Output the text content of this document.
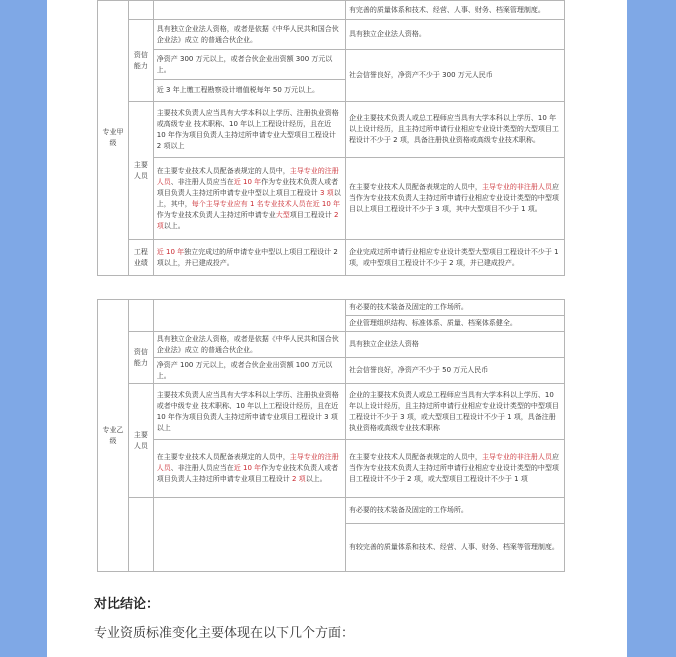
专业甲级			有完善的质量体系和技术、经营、人事、财务、档案管理制度。
	资信能力	具有独立企业法人资格，或者是依据《中华人民共和国合伙企业法》成立 的普通合伙企业。	具有独立企业法人资格。
		净资产 300 万元以上，或者合伙企业出资额 300 万元以上。	社会信誉良好，净资产不少于 300 万元人民币
		近 3 年上缴工程勘察设计增值税每年 50 万元以上。	
	主要人员	主要技术负责人应当具有大学本科以上学历、注册执业资格或高级专业 技术职称、10 年以上工程设计经历，且在近 10 年作为项目负责人主持过所申请专业大型项目工程设计 2 项以上	企业主要技术负责人或总工程师应当具有大学本科以上学历、10 年以上设计经历，且主持过所申请行业相应专业设计类型的大型项目工程设计不少于 2 项，具备注册执业资格或高级专业技术职称。
		在主要专业技术人员配备表规定的人员中，主导专业的注册人员、非注册人员应当在近 10 年作为专业技术负责人或者项目负责人主持过所申请专业中型以上项目工程设计 3 项以上，其中，每个主导专业应有 1 名专业技术人员在近 10 年作为专业技术负责人主持过所申请专业大型项目工程设计 2 项以上。	在主要专业技术人员配备表规定的人员中，主导专业的非注册人员应当作为专业技术负责人主持过所申请行业相应专业设计类型的中型项目以上项目工程设计不少于 3 项，其中大型项目不少于 1 项。
	工程业绩	近 10 年独立完成过的所申请专业中型以上项目工程设计 2 项以上，并已建成投产。	企业完成过所申请行业相应专业设计类型大型项目工程设计不少于 1 项，或中型项目工程设计不少于 2 项，并已建成投产。
专业乙级			有必要的技术装备及固定的工作场所。
			企业管理组织结构、标准体系、质量、档案体系健全。
	资信能力	具有独立企业法人资格，或者是依据《中华人民共和国合伙企业法》成立 的普通合伙企业。	具有独立企业法人资格
		净资产 100 万元以上，或者合伙企业出资额 100 万元以上。	社会信誉良好，净资产不少于 50 万元人民币
	主要人员	主要技术负责人应当具有大学本科以上学历、注册执业资格或者中级专业 技术职称、10 年以上工程设计经历，且在近 10 年作为项目负责人主持过所申请专业项目工程设计 3 项以上	企业的主要技术负责人或总工程师应当具有大学本科以上学历、10 年以上设计经历，且主持过所申请行业相应专业设计类型的中型项目工程设计不少于 3 项，或大型项目工程设计不少于 1 项，具备注册执业资格或高级专业技术职称
		在主要专业技术人员配备表规定的人员中，主导专业的注册人员、非注册人员应当在近 10 年作为专业技术负责人或者项目负责人主持过所申请专业项目工程设计 2 项以上。	在主要专业技术人员配备表规定的人员中，主导专业的非注册人员应当作为专业技术负责人主持过所申请行业相应专业设计类型的中型项目工程设计不少于 2 项，或大型项目工程设计不少于 1 项
			有必要的技术装备及固定的工作场所。
			有较完善的质量体系和技术、经营、人事、财务、档案等管理制度。

对比结论：

专业资质标准变化主要体现在以下几个方面：
